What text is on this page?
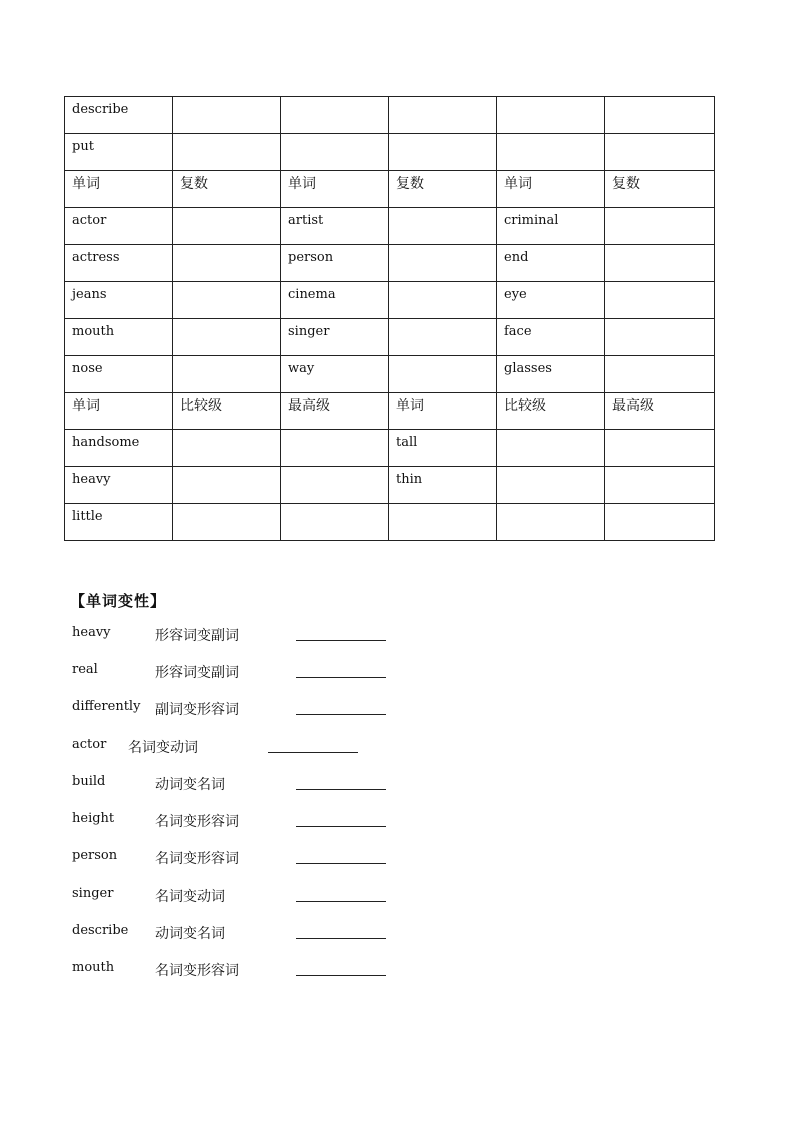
describe					
put					
单词	复数	单词	复数	单词	复数
actor		artist		criminal	
actress		person		end	
jeans		cinema		eye	
mouth		singer		face	
nose		way		glasses	
单词	比较级	最高级	单词	比较级	最高级
handsome			tall		
heavy			thin		
little					
【单词变性】
heavy	形容词变副词
real	形容词变副词
differently 副词变形容词
actor 名词变动词
build	动词变名词
height	名词变形容词
person	名词变形容词
singer	名词变动词
describe 动词变名词
mouth	名词变形容词
